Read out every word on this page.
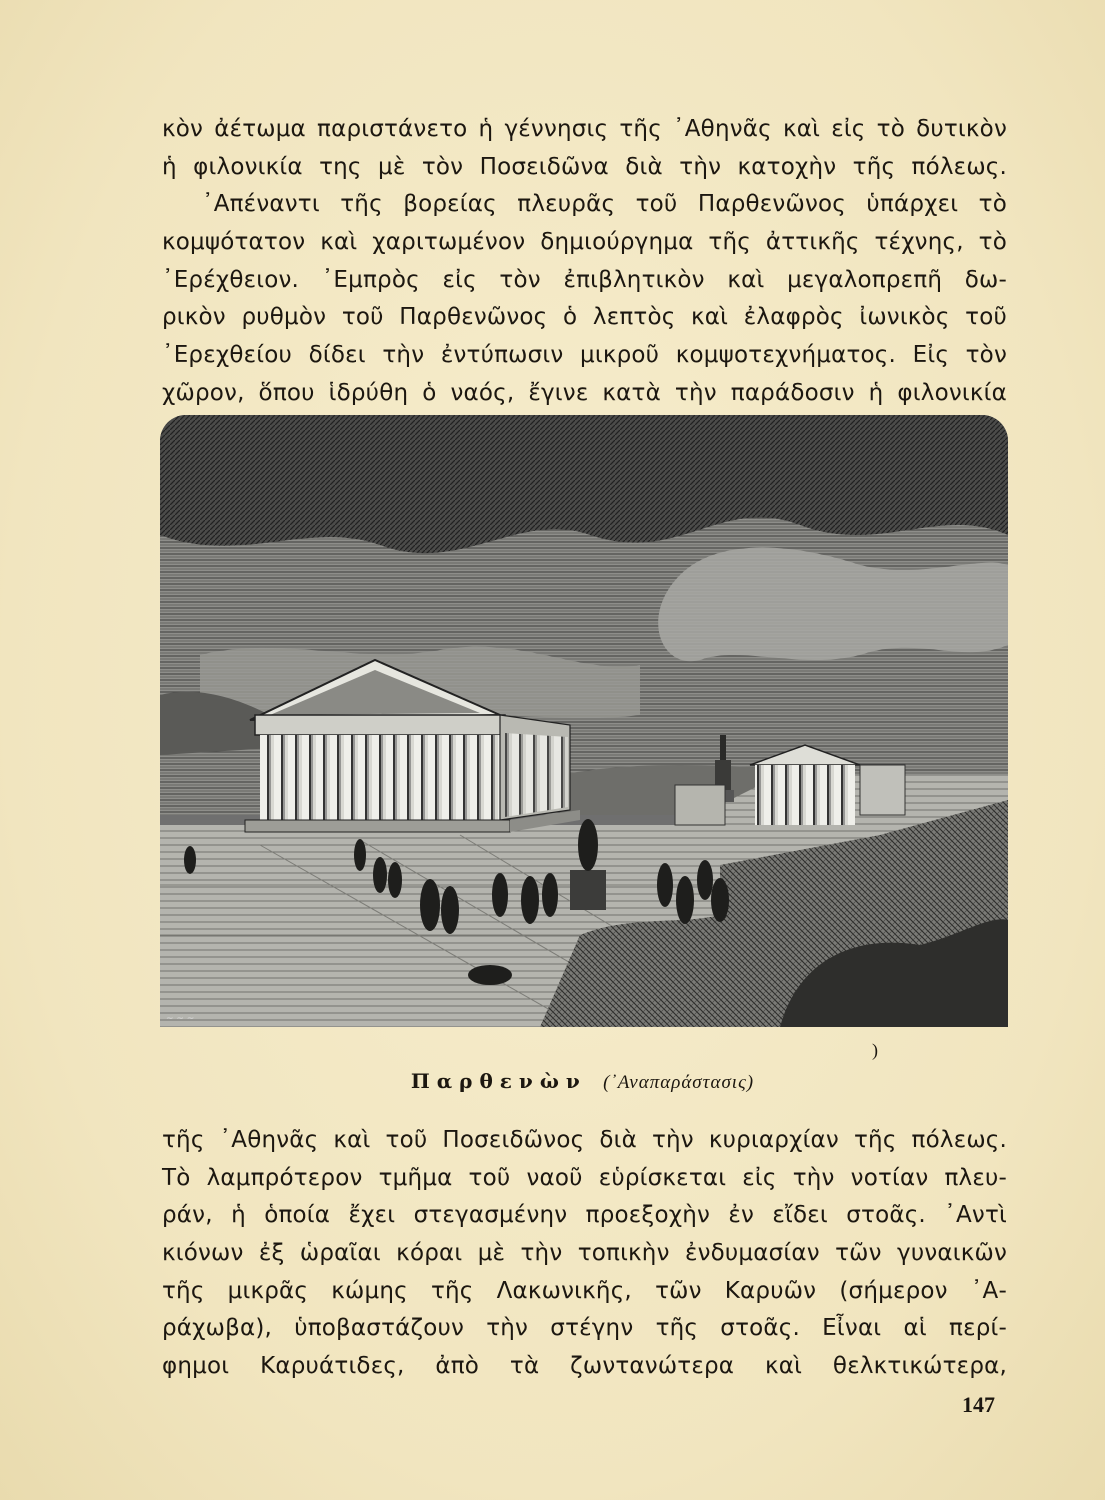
κὸν ἀέτωμα παριστάνετο ἡ γέννησις τῆς ᾿Αθηνᾶς καὶ εἰς τὸ δυτικὸν
ἡ φιλονικία της μὲ τὸν Ποσειδῶνα διὰ τὴν κατοχὴν τῆς πόλεως.
᾿Απέναντι τῆς βορείας πλευρᾶς τοῦ Παρθενῶνος ὑπάρχει τὸ
κομψότατον καὶ χαριτωμένον δημιούργημα τῆς ἀττικῆς τέχνης, τὸ
᾿Ερέχθειον. ᾿Εμπρὸς εἰς τὸν ἐπιβλητικὸν καὶ μεγαλοπρεπῆ δω-
ρικὸν ρυθμὸν τοῦ Παρθενῶνος ὁ λεπτὸς καὶ ἐλαφρὸς ἰωνικὸς τοῦ
᾿Ερεχθείου δίδει τὴν ἐντύπωσιν μικροῦ κομψοτεχνήματος. Εἰς τὸν
χῶρον, ὅπου ἱδρύθη ὁ ναός, ἔγινε κατὰ τὴν παράδοσιν ἡ φιλονικία
~ ~ ~
)
Παρθενὼν (᾿Αναπαράστασις)
τῆς ᾿Αθηνᾶς καὶ τοῦ Ποσειδῶνος διὰ τὴν κυριαρχίαν τῆς πόλεως.
Τὸ λαμπρότερον τμῆμα τοῦ ναοῦ εὑρίσκεται εἰς τὴν νοτίαν πλευ-
ράν, ἡ ὁποία ἔχει στεγασμένην προεξοχὴν ἐν εἴδει στοᾶς. ᾿Αντὶ
κιόνων ἐξ ὡραῖαι κόραι μὲ τὴν τοπικὴν ἐνδυμασίαν τῶν γυναικῶν
τῆς μικρᾶς κώμης τῆς Λακωνικῆς, τῶν Καρυῶν (σήμερον ᾿Α-
ράχωβα), ὑποβαστάζουν τὴν στέγην τῆς στοᾶς. Εἶναι αἱ περί-
φημοι Καρυάτιδες, ἀπὸ τὰ ζωντανώτερα καὶ θελκτικώτερα,
147
